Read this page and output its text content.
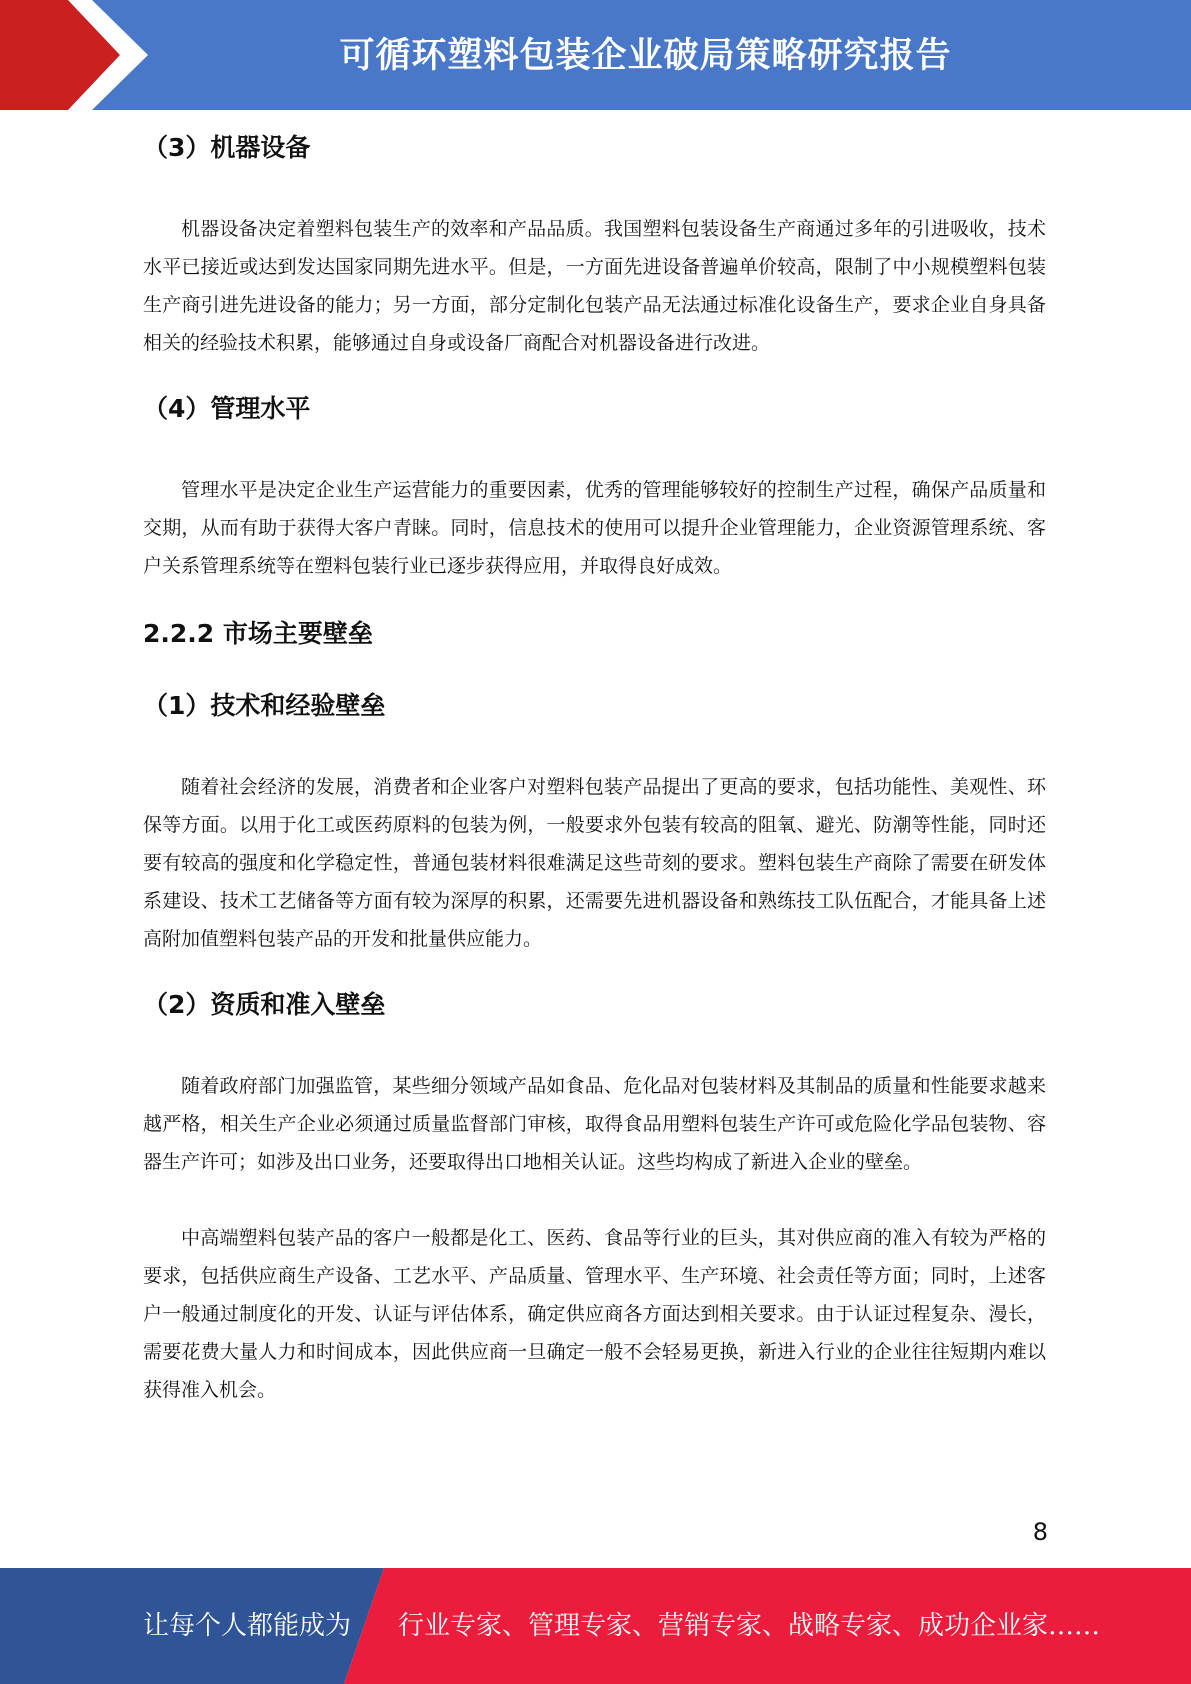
可循环塑料包装企业破局策略研究报告
（3）机器设备

机器设备决定着塑料包装生产的效率和产品品质。我国塑料包装设备生产商通过多年的引进吸收，技术水平已接近或达到发达国家同期先进水平。但是，一方面先进设备普遍单价较高，限制了中小规模塑料包装生产商引进先进设备的能力；另一方面，部分定制化包装产品无法通过标准化设备生产，要求企业自身具备相关的经验技术积累，能够通过自身或设备厂商配合对机器设备进行改进。

（4）管理水平

管理水平是决定企业生产运营能力的重要因素，优秀的管理能够较好的控制生产过程，确保产品质量和交期，从而有助于获得大客户青睐。同时，信息技术的使用可以提升企业管理能力，企业资源管理系统、客户关系管理系统等在塑料包装行业已逐步获得应用，并取得良好成效。

2.2.2 市场主要壁垒
（1）技术和经验壁垒

随着社会经济的发展，消费者和企业客户对塑料包装产品提出了更高的要求，包括功能性、美观性、环保等方面。以用于化工或医药原料的包装为例，一般要求外包装有较高的阻氧、避光、防潮等性能，同时还要有较高的强度和化学稳定性，普通包装材料很难满足这些苛刻的要求。塑料包装生产商除了需要在研发体系建设、技术工艺储备等方面有较为深厚的积累，还需要先进机器设备和熟练技工队伍配合，才能具备上述高附加值塑料包装产品的开发和批量供应能力。

（2）资质和准入壁垒

随着政府部门加强监管，某些细分领域产品如食品、危化品对包装材料及其制品的质量和性能要求越来越严格，相关生产企业必须通过质量监督部门审核，取得食品用塑料包装生产许可或危险化学品包装物、容器生产许可；如涉及出口业务，还要取得出口地相关认证。这些均构成了新进入企业的壁垒。

中高端塑料包装产品的客户一般都是化工、医药、食品等行业的巨头，其对供应商的准入有较为严格的要求，包括供应商生产设备、工艺水平、产品质量、管理水平、生产环境、社会责任等方面；同时，上述客户一般通过制度化的开发、认证与评估体系，确定供应商各方面达到相关要求。由于认证过程复杂、漫长，需要花费大量人力和时间成本，因此供应商一旦确定一般不会轻易更换，新进入行业的企业往往短期内难以获得准入机会。

8
让每个人都能成为 行业专家、管理专家、营销专家、战略专家、成功企业家……
